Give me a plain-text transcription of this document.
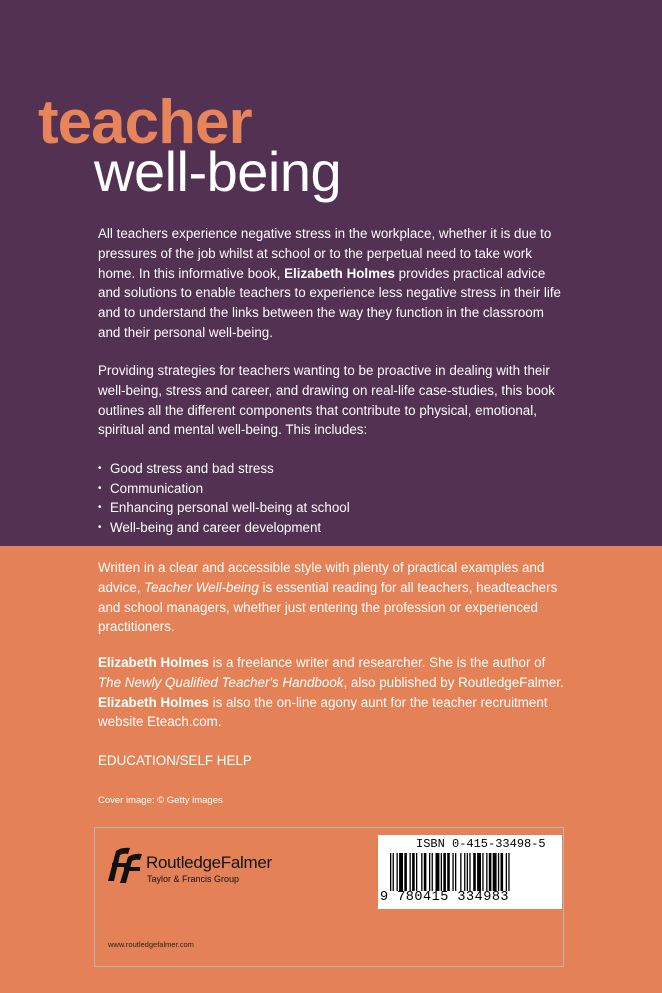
teacher
well-being

All teachers experience negative stress in the workplace, whether it is due to pressures of the job whilst at school or to the perpetual need to take work home. In this informative book, Elizabeth Holmes provides practical advice and solutions to enable teachers to experience less negative stress in their life and to understand the links between the way they function in the classroom and their personal well-being.

Providing strategies for teachers wanting to be proactive in dealing with their well-being, stress and career, and drawing on real-life case-studies, this book outlines all the different components that contribute to physical, emotional, spiritual and mental well-being. This includes:

• Good stress and bad stress
• Communication
• Enhancing personal well-being at school
• Well-being and career development

Written in a clear and accessible style with plenty of practical examples and advice, Teacher Well-being is essential reading for all teachers, headteachers and school managers, whether just entering the profession or experienced practitioners.

Elizabeth Holmes is a freelance writer and researcher. She is the author of The Newly Qualified Teacher's Handbook, also published by RoutledgeFalmer. Elizabeth Holmes is also the on-line agony aunt for the teacher recruitment website Eteach.com.

EDUCATION/SELF HELP

Cover image: © Getty images
RoutledgeFalmer
Taylor & Francis Group
www.routledgefalmer.com
ISBN 0-415-33498-5
9 780415 334983
